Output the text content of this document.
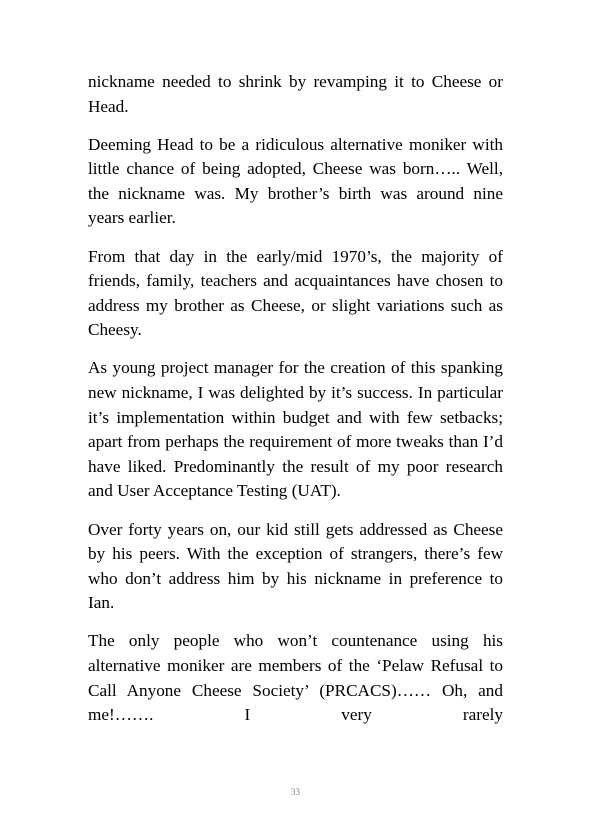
nickname needed to shrink by revamping it to Cheese or Head.

Deeming Head to be a ridiculous alternative moniker with little chance of being adopted, Cheese was born….. Well, the nickname was. My brother’s birth was around nine years earlier.

From that day in the early/mid 1970’s, the majority of friends, family, teachers and acquaintances have chosen to address my brother as Cheese, or slight variations such as Cheesy.

As young project manager for the creation of this spanking new nickname, I was delighted by it’s success. In particular it’s implementation within budget and with few setbacks; apart from perhaps the requirement of more tweaks than I’d have liked. Predominantly the result of my poor research and User Acceptance Testing (UAT).

Over forty years on, our kid still gets addressed as Cheese by his peers. With the exception of strangers, there’s few who don’t address him by his nickname in preference to Ian.

The only people who won’t countenance using his alternative moniker are members of the ‘Pelaw Refusal to Call Anyone Cheese Society’ (PRCACS)…… Oh, and me!……. I very rarely

33
